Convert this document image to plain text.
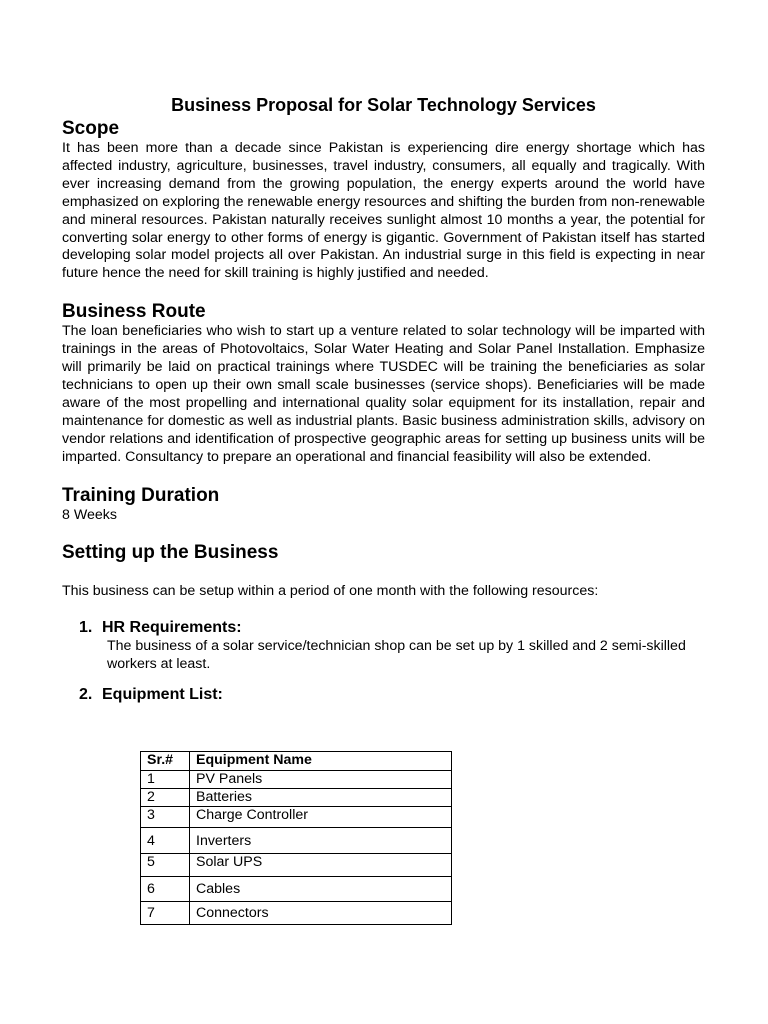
Business Proposal for Solar Technology Services
Scope

It has been more than a decade since Pakistan is experiencing dire energy shortage which has affected industry, agriculture, businesses, travel industry, consumers, all equally and tragically. With ever increasing demand from the growing population, the energy experts around the world have emphasized on exploring the renewable energy resources and shifting the burden from non-renewable and mineral resources. Pakistan naturally receives sunlight almost 10 months a year, the potential for converting solar energy to other forms of energy is gigantic. Government of Pakistan itself has started developing solar model projects all over Pakistan. An industrial surge in this field is expecting in near future hence the need for skill training is highly justified and needed.

Business Route

The loan beneficiaries who wish to start up a venture related to solar technology will be imparted with trainings in the areas of Photovoltaics, Solar Water Heating and Solar Panel Installation. Emphasize will primarily be laid on practical trainings where TUSDEC will be training the beneficiaries as solar technicians to open up their own small scale businesses (service shops). Beneficiaries will be made aware of the most propelling and international quality solar equipment for its installation, repair and maintenance for domestic as well as industrial plants. Basic business administration skills, advisory on vendor relations and identification of prospective geographic areas for setting up business units will be imparted. Consultancy to prepare an operational and financial feasibility will also be extended.

Training Duration

8 Weeks

Setting up the Business

This business can be setup within a period of one month with the following resources:

1. HR Requirements:

The business of a solar service/technician shop can be set up by 1 skilled and 2 semi-skilled workers at least.

2. Equipment List:
Sr.#	Equipment Name
1	PV Panels
2	Batteries
3	Charge Controller
4	Inverters
5	Solar UPS
6	Cables
7	Connectors
